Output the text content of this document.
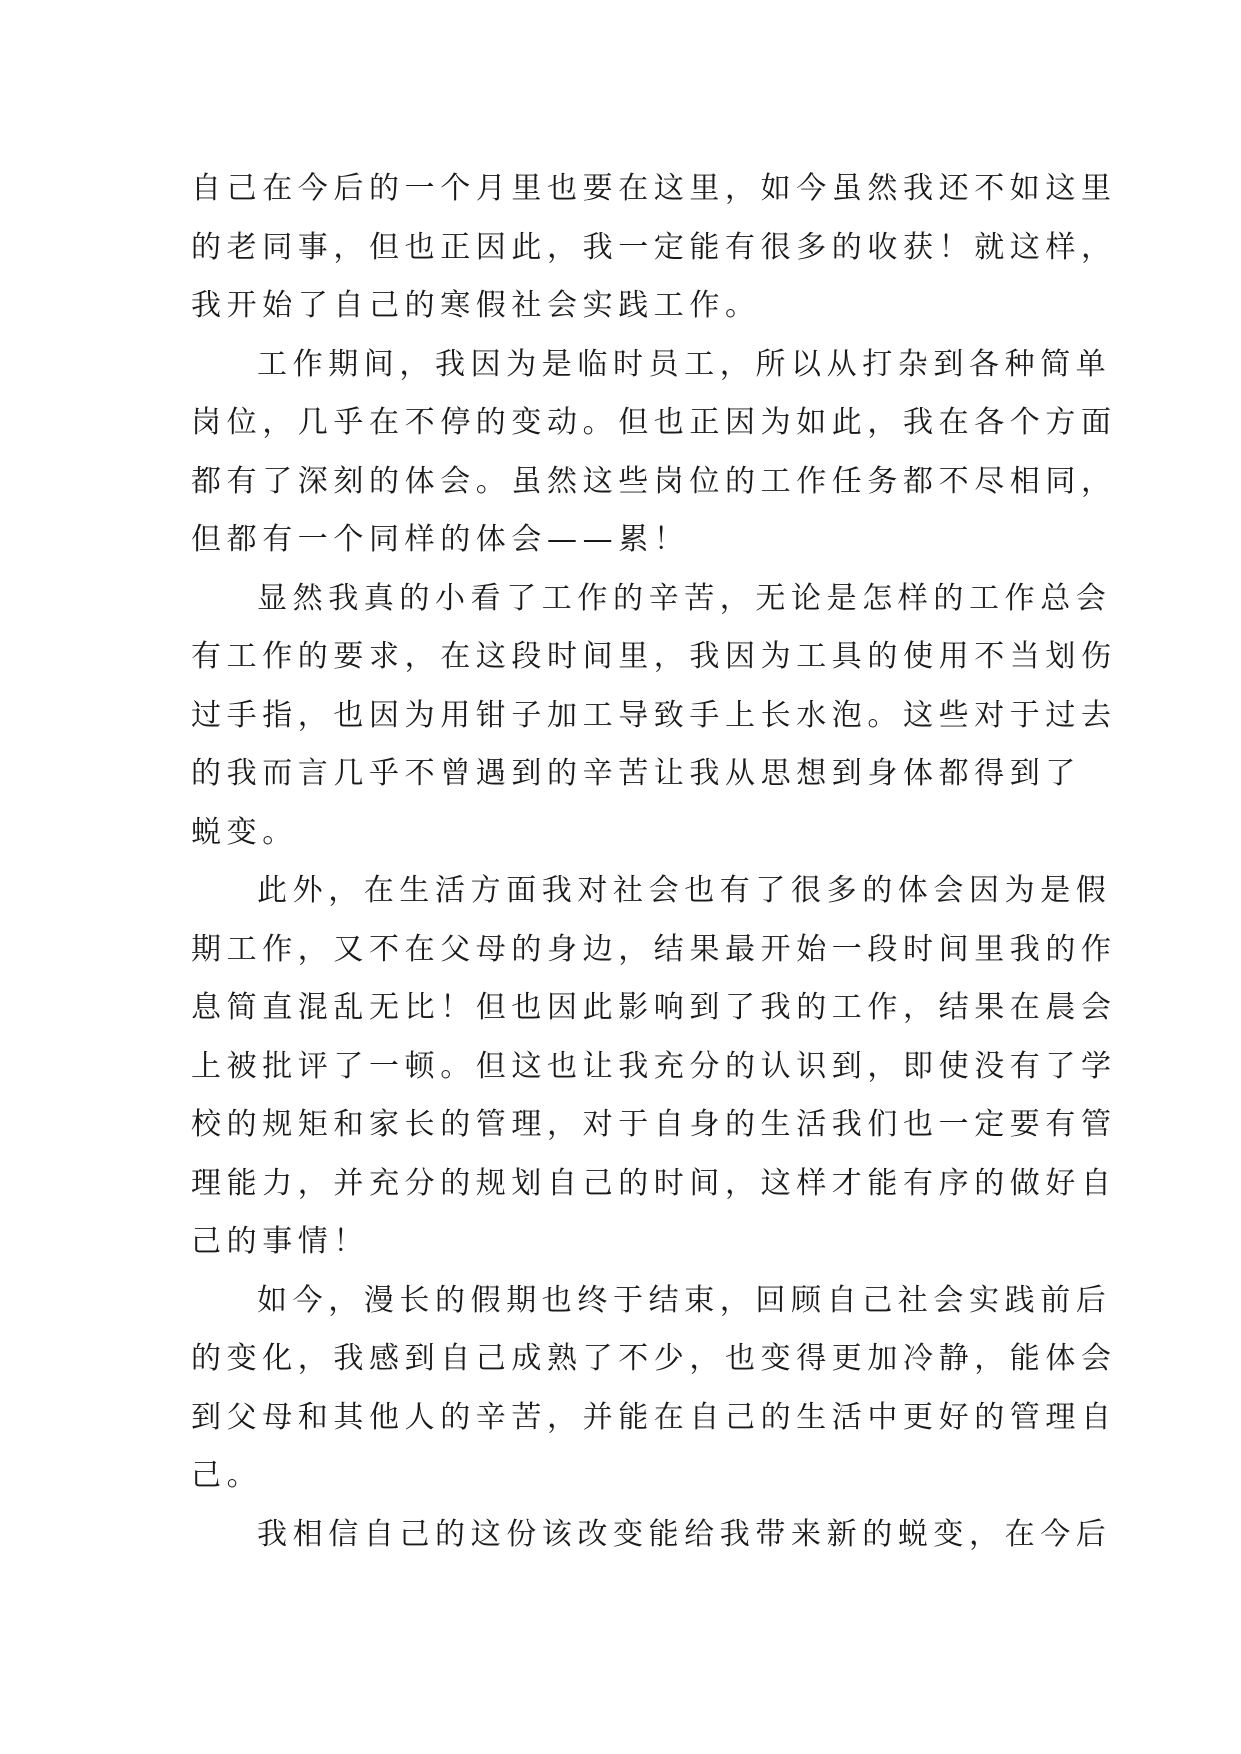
自己在今后的一个月里也要在这里，如今虽然我还不如这里
的老同事，但也正因此，我一定能有很多的收获！就这样，
我开始了自己的寒假社会实践工作。
工作期间，我因为是临时员工，所以从打杂到各种简单
岗位，几乎在不停的变动。但也正因为如此，我在各个方面
都有了深刻的体会。虽然这些岗位的工作任务都不尽相同，
但都有一个同样的体会——累！
显然我真的小看了工作的辛苦，无论是怎样的工作总会
有工作的要求，在这段时间里，我因为工具的使用不当划伤
过手指，也因为用钳子加工导致手上长水泡。这些对于过去
的我而言几乎不曾遇到的辛苦让我从思想到身体都得到了
蜕变。
此外，在生活方面我对社会也有了很多的体会因为是假
期工作，又不在父母的身边，结果最开始一段时间里我的作
息简直混乱无比！但也因此影响到了我的工作，结果在晨会
上被批评了一顿。但这也让我充分的认识到，即使没有了学
校的规矩和家长的管理，对于自身的生活我们也一定要有管
理能力，并充分的规划自己的时间，这样才能有序的做好自
己的事情！
如今，漫长的假期也终于结束，回顾自己社会实践前后
的变化，我感到自己成熟了不少，也变得更加冷静，能体会
到父母和其他人的辛苦，并能在自己的生活中更好的管理自
己。
我相信自己的这份该改变能给我带来新的蜕变，在今后
